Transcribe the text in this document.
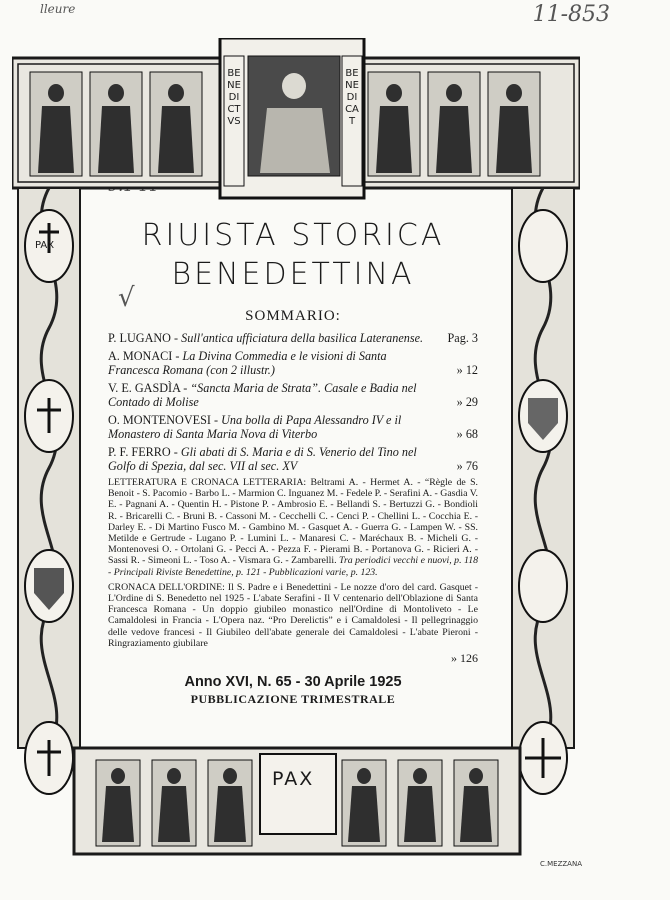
lleure	11-853
√
BENEDICTVS
BENEDICAT
PAX
PAX
C.MEZZANA
RIUISTA STORICA
BENEDETTINA
SOMMARIO:
P. LUGANO - Sull'antica ufficiatura della basilica Lateranense.	Pag. 3
A. MONACI - La Divina Commedia e le visioni di Santa Francesca Romana (con 2 illustr.)	» 12
V. E. GASDÌA - “Sancta Maria de Strata”. Casale e Badia nel Contado di Molise	» 29
O. MONTENOVESI - Una bolla di Papa Alessandro IV e il Monastero di Santa Maria Nova di Viterbo	» 68
P. F. FERRO - Gli abati di S. Maria e di S. Venerio del Tino nel Golfo di Spezia, dal sec. VII al sec. XV	» 76
LETTERATURA E CRONACA LETTERARIA: Beltrami A. - Hermet A. - “Règle de S. Benoit - S. Pacomio - Barbo L. - Marmion C. Inguanez M. - Fedele P. - Serafini A. - Gasdia V. E. - Pagnani A. - Quentin H. - Pistone P. - Ambrosio E. - Bellandi S. - Bertuzzi G. - Bondioli R. - Bricarelli C. - Bruni B. - Cassoni M. - Cecchelli C. - Cenci P. - Chellini L. - Cocchia E. - Darley E. - Di Martino Fusco M. - Gambino M. - Gasquet A. - Guerra G. - Lampen W. - SS. Metilde e Gertrude - Lugano P. - Lumini L. - Manaresi C. - Maréchaux B. - Micheli G. - Montenovesi O. - Ortolani G. - Pecci A. - Pezza F. - Pierami B. - Portanova G. - Ricieri A. - Sassi R. - Simeoni L. - Toso A. - Vismara G. - Zambarelli. Tra periodici vecchi e nuovi, p. 118 - Principali Riviste Benedettine, p. 121 - Pubblicazioni varie, p. 123.
CRONACA DELL'ORDINE: Il S. Padre e i Benedettini - Le nozze d'oro del card. Gasquet - L'Ordine di S. Benedetto nel 1925 - L'abate Serafini - Il V centenario dell'Oblazione di Santa Francesca Romana - Un doppio giubileo monastico nell'Ordine di Montoliveto - Le Camaldolesi in Francia - L'Opera naz. “Pro Derelictis” e i Camaldolesi - Il pellegrinaggio delle vedove francesi - Il Giubileo dell'abate generale dei Camaldolesi - L'abate Pieroni - Ringraziamento giubilare
» 126
Anno XVI, N. 65 - 30 Aprile 1925
PUBBLICAZIONE TRIMESTRALE
